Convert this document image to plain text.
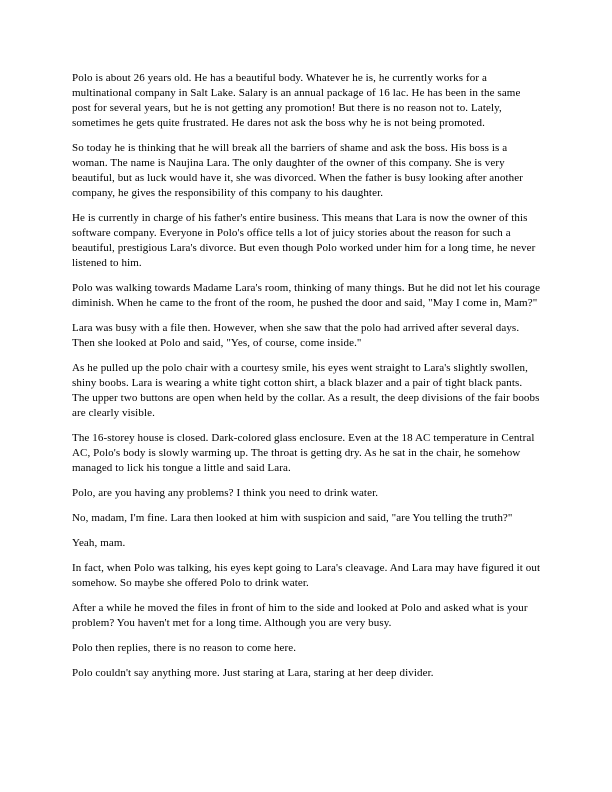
Polo is about 26 years old. He has a beautiful body. Whatever he is, he currently works for a multinational company in Salt Lake. Salary is an annual package of 16 lac. He has been in the same post for several years, but he is not getting any promotion! But there is no reason not to. Lately, sometimes he gets quite frustrated. He dares not ask the boss why he is not being promoted.

So today he is thinking that he will break all the barriers of shame and ask the boss. His boss is a woman. The name is Naujina Lara. The only daughter of the owner of this company. She is very beautiful, but as luck would have it, she was divorced. When the father is busy looking after another company, he gives the responsibility of this company to his daughter.

He is currently in charge of his father's entire business. This means that Lara is now the owner of this software company. Everyone in Polo's office tells a lot of juicy stories about the reason for such a beautiful, prestigious Lara's divorce. But even though Polo worked under him for a long time, he never listened to him.

Polo was walking towards Madame Lara's room, thinking of many things. But he did not let his courage diminish. When he came to the front of the room, he pushed the door and said, "May I come in, Mam?"

Lara was busy with a file then. However, when she saw that the polo had arrived after several days. Then she looked at Polo and said, "Yes, of course, come inside."

As he pulled up the polo chair with a courtesy smile, his eyes went straight to Lara's slightly swollen, shiny boobs. Lara is wearing a white tight cotton shirt, a black blazer and a pair of tight black pants. The upper two buttons are open when held by the collar. As a result, the deep divisions of the fair boobs are clearly visible.

The 16-storey house is closed. Dark-colored glass enclosure. Even at the 18 AC temperature in Central AC, Polo's body is slowly warming up. The throat is getting dry. As he sat in the chair, he somehow managed to lick his tongue a little and said Lara.

Polo, are you having any problems? I think you need to drink water.

No, madam, I'm fine. Lara then looked at him with suspicion and said, "are You telling the truth?"

Yeah, mam.

In fact, when Polo was talking, his eyes kept going to Lara's cleavage. And Lara may have figured it out somehow. So maybe she offered Polo to drink water.

After a while he moved the files in front of him to the side and looked at Polo and asked what is your problem? You haven't met for a long time. Although you are very busy.

Polo then replies, there is no reason to come here.

Polo couldn't say anything more. Just staring at Lara, staring at her deep divider.
